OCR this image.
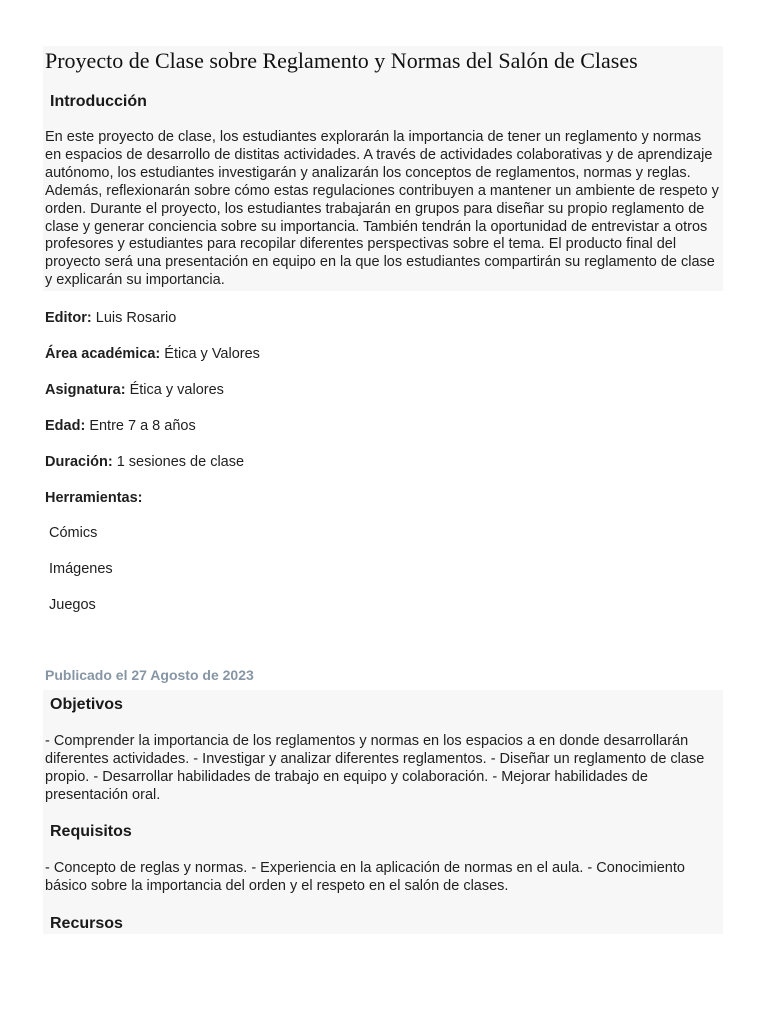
Proyecto de Clase sobre Reglamento y Normas del Salón de Clases
Introducción

En este proyecto de clase, los estudiantes explorarán la importancia de tener un reglamento y normas en espacios de desarrollo de distitas actividades. A través de actividades colaborativas y de aprendizaje autónomo, los estudiantes investigarán y analizarán los conceptos de reglamentos, normas y reglas. Además, reflexionarán sobre cómo estas regulaciones contribuyen a mantener un ambiente de respeto y orden. Durante el proyecto, los estudiantes trabajarán en grupos para diseñar su propio reglamento de clase y generar conciencia sobre su importancia. También tendrán la oportunidad de entrevistar a otros profesores y estudiantes para recopilar diferentes perspectivas sobre el tema. El producto final del proyecto será una presentación en equipo en la que los estudiantes compartirán su reglamento de clase y explicarán su importancia.

Editor: Luis Rosario

Área académica: Ética y Valores

Asignatura: Ética y valores

Edad: Entre 7 a 8 años

Duración: 1 sesiones de clase

Herramientas:

Cómics

Imágenes

Juegos

Publicado el 27 Agosto de 2023

Objetivos

- Comprender la importancia de los reglamentos y normas en los espacios a en donde desarrollarán diferentes actividades. - Investigar y analizar diferentes reglamentos. - Diseñar un reglamento de clase propio. - Desarrollar habilidades de trabajo en equipo y colaboración. - Mejorar habilidades de presentación oral.

Requisitos

- Concepto de reglas y normas. - Experiencia en la aplicación de normas en el aula. - Conocimiento básico sobre la importancia del orden y el respeto en el salón de clases.

Recursos
